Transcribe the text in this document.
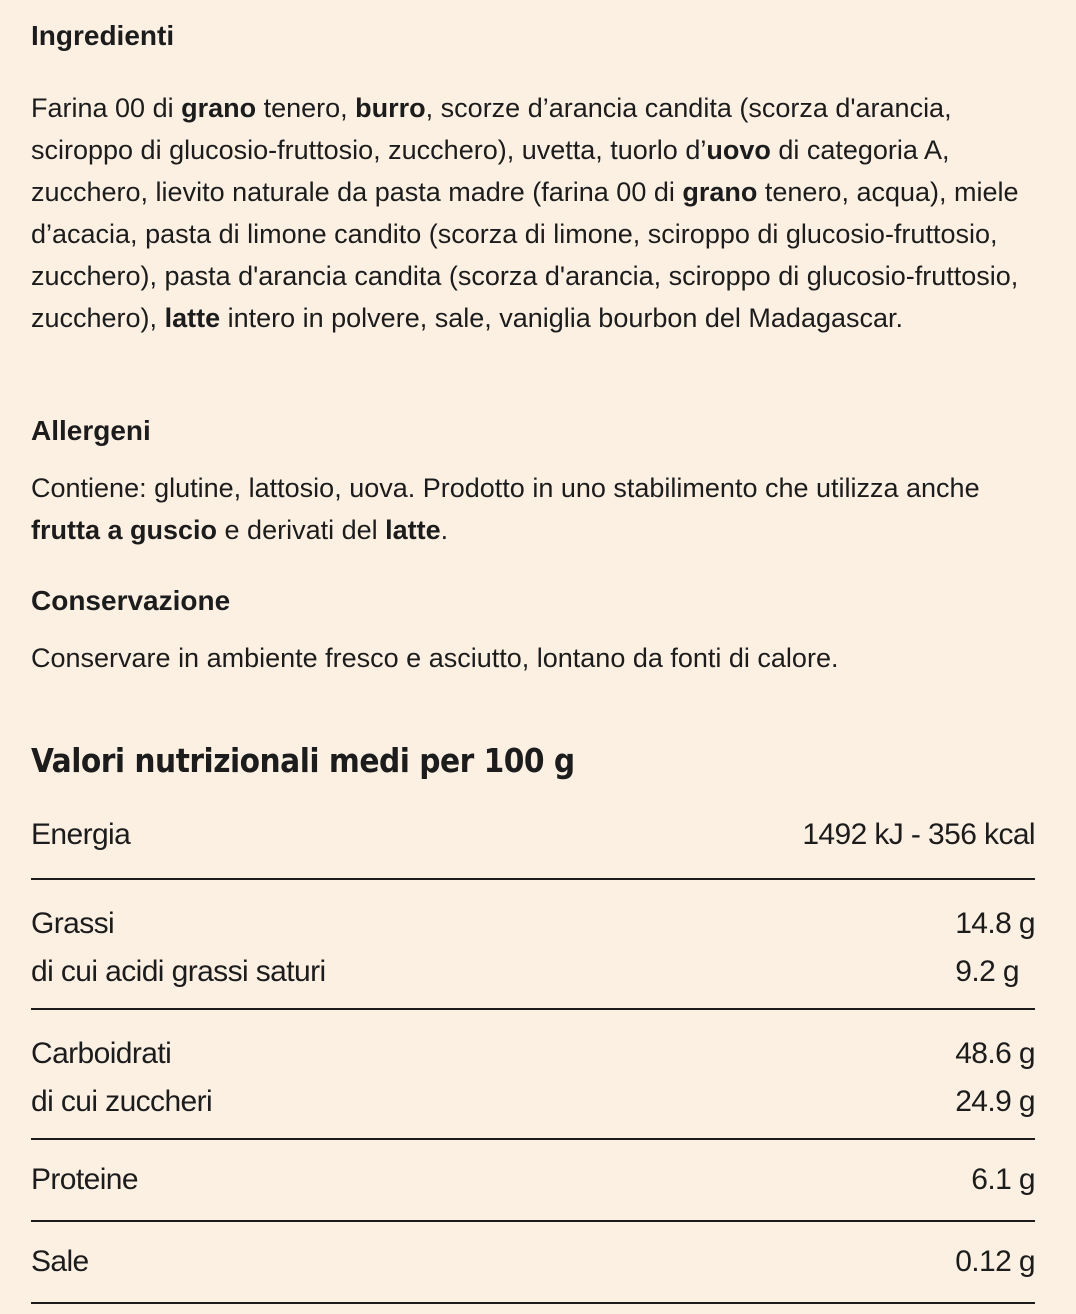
Ingredienti

Farina 00 di grano tenero, burro, scorze d’arancia candita (scorza d'arancia, sciroppo di glucosio-fruttosio, zucchero), uvetta, tuorlo d’uovo di categoria A, zucchero, lievito naturale da pasta madre (farina 00 di grano tenero, acqua), miele d’acacia, pasta di limone candito (scorza di limone, sciroppo di glucosio-fruttosio, zucchero), pasta d'arancia candita (scorza d'arancia, sciroppo di glucosio-fruttosio, zucchero), latte intero in polvere, sale, vaniglia bourbon del Madagascar.

Allergeni

Contiene: glutine, lattosio, uova. Prodotto in uno stabilimento che utilizza anche frutta a guscio e derivati del latte.

Conservazione

Conservare in ambiente fresco e asciutto, lontano da fonti di calore.

Valori nutrizionali medi per 100 g
Energia	1492 kJ - 356 kcal
Grassi	14.8 g
di cui acidi grassi saturi	9.2 g
Carboidrati	48.6 g
di cui zuccheri	24.9 g
Proteine	6.1 g
Sale	0.12 g
